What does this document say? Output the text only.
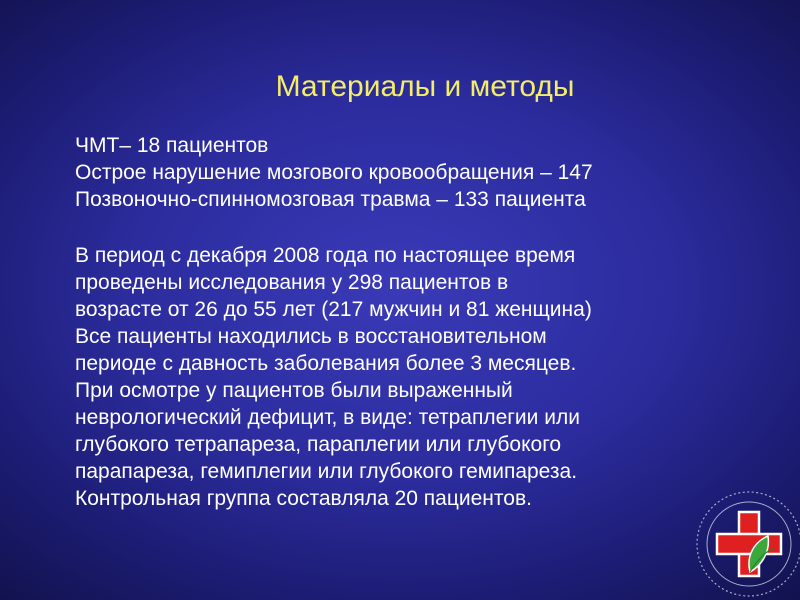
Материалы и методы
ЧМТ– 18 пациентов
Острое нарушение мозгового кровообращения – 147
Позвоночно-спинномозговая травма – 133 пациента
В период с декабря 2008 года по настоящее время
проведены исследования у 298 пациентов в
возрасте от 26 до 55 лет (217 мужчин и 81 женщина)
Все пациенты находились в восстановительном
периоде с давность заболевания более 3 месяцев.
При осмотре у пациентов были выраженный
неврологический дефицит, в виде: тетраплегии или
глубокого тетрапареза, параплегии или глубокого
парапареза, гемиплегии или глубокого гемипареза.
Контрольная группа составляла 20 пациентов.
